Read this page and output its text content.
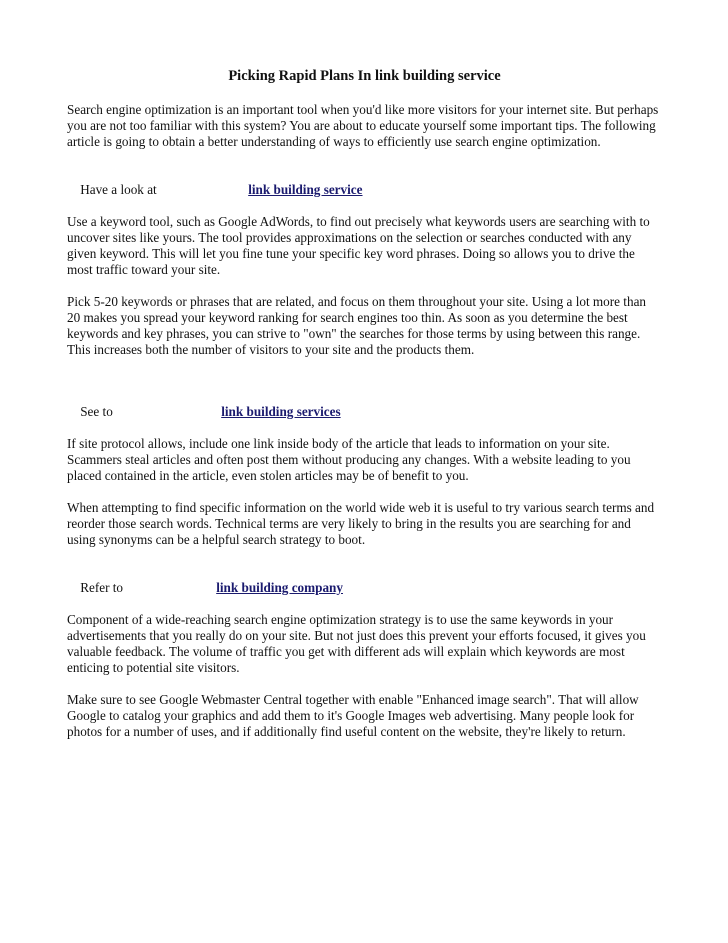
Picking Rapid Plans In link building service

Search engine optimization is an important tool when you'd like more visitors for your internet site. But perhaps you are not too familiar with this system? You are about to educate yourself some important tips. The following article is going to obtain a better understanding of ways to efficiently use search engine optimization.

Have a look at	link building service

Use a keyword tool, such as Google AdWords, to find out precisely what keywords users are searching with to uncover sites like yours. The tool provides approximations on the selection or searches conducted with any given keyword. This will let you fine tune your specific key word phrases. Doing so allows you to drive the most traffic toward your site.

Pick 5-20 keywords or phrases that are related, and focus on them throughout your site. Using a lot more than 20 makes you spread your keyword ranking for search engines too thin. As soon as you determine the best keywords and key phrases, you can strive to "own" the searches for those terms by using between this range. This increases both the number of visitors to your site and the products them.

See to	link building services

If site protocol allows, include one link inside body of the article that leads to information on your site. Scammers steal articles and often post them without producing any changes. With a website leading to you placed contained in the article, even stolen articles may be of benefit to you.

When attempting to find specific information on the world wide web it is useful to try various search terms and reorder those search words. Technical terms are very likely to bring in the results you are searching for and using synonyms can be a helpful search strategy to boot.

Refer to	link building company

Component of a wide-reaching search engine optimization strategy is to use the same keywords in your advertisements that you really do on your site. But not just does this prevent your efforts focused, it gives you valuable feedback. The volume of traffic you get with different ads will explain which keywords are most enticing to potential site visitors.

Make sure to see Google Webmaster Central together with enable "Enhanced image search". That will allow Google to catalog your graphics and add them to it's Google Images web advertising. Many people look for photos for a number of uses, and if additionally find useful content on the website, they're likely to return.
